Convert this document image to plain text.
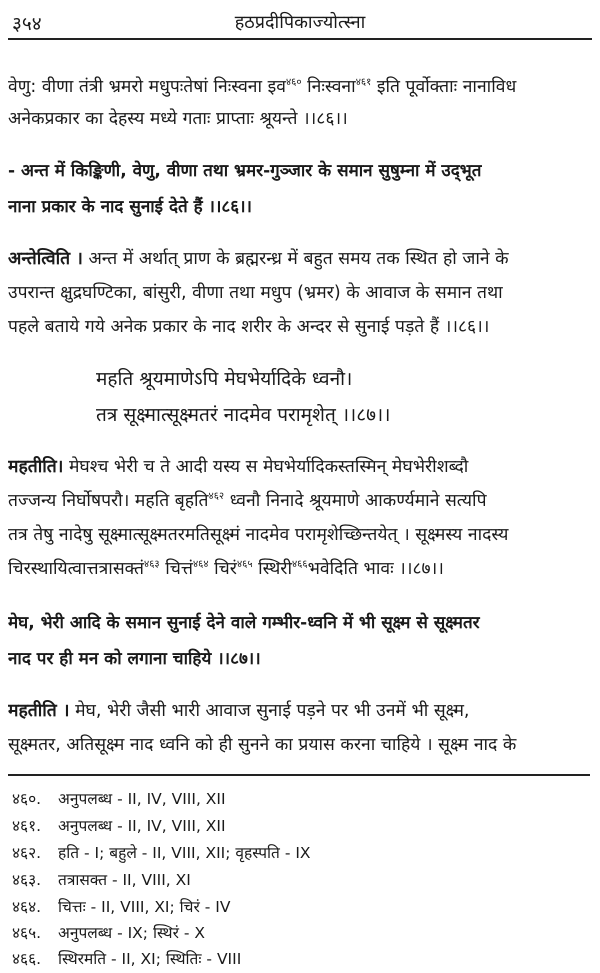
३५४	हठप्रदीपिकाज्योत्स्ना
वेणु: वीणा तंत्री भ्रमरो मधुपःतेषां निःस्वना इव$^{४६०}$ निःस्वना$^{४६१}$ इति पूर्वोक्ताः नानाविध
अनेकप्रकार का देहस्य मध्ये गताः प्राप्ताः श्रूयन्ते ।।८६।।
- अन्त में किङ्किणी, वेणु, वीणा तथा भ्रमर-गुञ्जार के समान सुषुम्ना में उद्‌भूत
नाना प्रकार के नाद सुनाई देते हैं ।।८६।।
अन्तेत्विति । अन्त में अर्थात् प्राण के ब्रह्मरन्ध्र में बहुत समय तक स्थित हो जाने के
उपरान्त क्षुद्रघण्टिका, बांसुरी, वीणा तथा मधुप (भ्रमर) के आवाज के समान तथा
पहले बताये गये अनेक प्रकार के नाद शरीर के अन्दर से सुनाई पड़ते हैं ।।८६।।
महति श्रूयमाणेऽपि मेघभेर्यादिके ध्वनौ।
तत्र सूक्ष्मात्सूक्ष्मतरं नादमेव परामृशेत् ।।८७।।
महतीति। मेघश्च भेरी च ते आदी यस्य स मेघभेर्यादिकस्तस्मिन् मेघभेरीशब्दौ
तज्जन्य निर्घोषपरौ। महति बृहति$^{४६२}$ ध्वनौ निनादे श्रूयमाणे आकर्ण्यमाने सत्यपि
तत्र तेषु नादेषु सूक्ष्मात्सूक्ष्मतरमतिसूक्ष्मं नादमेव परामृशेच्छिन्तयेत् । सूक्ष्मस्य नादस्य
चिरस्थायित्वात्तत्रासक्तं$^{४६३}$ चित्तं$^{४६४}$ चिरं$^{४६५}$ स्थिरी$^{४६६}$भवेदिति भावः ।।८७।।
मेघ, भेरी आदि के समान सुनाई देने वाले गम्भीर-ध्वनि में भी सूक्ष्म से सूक्ष्मतर
नाद पर ही मन को लगाना चाहिये ।।८७।।
महतीति । मेघ, भेरी जैसी भारी आवाज सुनाई पड़ने पर भी उनमें भी सूक्ष्म,
सूक्ष्मतर, अतिसूक्ष्म नाद ध्वनि को ही सुनने का प्रयास करना चाहिये । सूक्ष्म नाद के
४६०. अनुपलब्ध - II, IV, VIII, XII
४६१. अनुपलब्ध - II, IV, VIII, XII
४६२. हति - I; बहुले - II, VIII, XII; वृहस्पति - IX
४६३. तत्रासक्त - II, VIII, XI
४६४. चित्तः - II, VIII, XI; चिरं - IV
४६५. अनुपलब्ध - IX; स्थिरं - X
४६६. स्थिरमति - II, XI; स्थितिः - VIII
